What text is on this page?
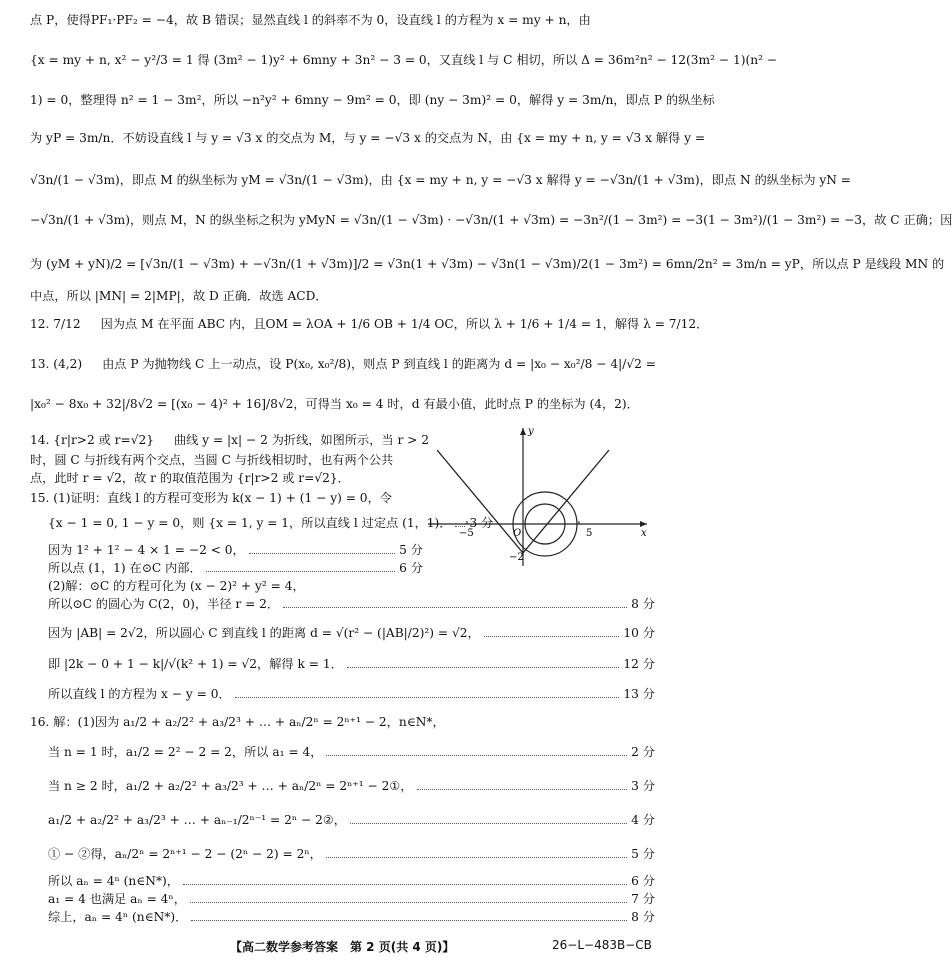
点 P，使得PF₁·PF₂ = −4，故 B 错误；显然直线 l 的斜率不为 0，设直线 l 的方程为 x = my + n，由
{x = my + n, x² − y²/3 = 1 得 (3m² − 1)y² + 6mny + 3n² − 3 = 0，又直线 l 与 C 相切，所以 Δ = 36m²n² − 12(3m² − 1)(n² −
1) = 0，整理得 n² = 1 − 3m²，所以 −n²y² + 6mny − 9m² = 0，即 (ny − 3m)² = 0，解得 y = 3m/n，即点 P 的纵坐标
为 yP = 3m/n．不妨设直线 l 与 y = √3 x 的交点为 M，与 y = −√3 x 的交点为 N，由 {x = my + n, y = √3 x 解得 y =
√3n/(1 − √3m)，即点 M 的纵坐标为 yM = √3n/(1 − √3m)，由 {x = my + n, y = −√3 x 解得 y = −√3n/(1 + √3m)，即点 N 的纵坐标为 yN =
−√3n/(1 + √3m)，则点 M，N 的纵坐标之积为 yMyN = √3n/(1 − √3m) · −√3n/(1 + √3m) = −3n²/(1 − 3m²) = −3(1 − 3m²)/(1 − 3m²) = −3，故 C 正确；因
为 (yM + yN)/2 = [√3n/(1 − √3m) + −√3n/(1 + √3m)]/2 = √3n(1 + √3m) − √3n(1 − √3m)/2(1 − 3m²) = 6mn/2n² = 3m/n = yP，所以点 P 是线段 MN 的
中点，所以 |MN| = 2|MP|，故 D 正确．故选 ACD．
12. 7/12 　 因为点 M 在平面 ABC 内，且OM = λOA + 1/6 OB + 1/4 OC，所以 λ + 1/6 + 1/4 = 1，解得 λ = 7/12．
13. (4,2) 　 由点 P 为抛物线 C 上一动点，设 P(x₀, x₀²/8)，则点 P 到直线 l 的距离为 d = |x₀ − x₀²/8 − 4|/√2 =
|x₀² − 8x₀ + 32|/8√2 = [(x₀ − 4)² + 16]/8√2，可得当 x₀ = 4 时，d 有最小值，此时点 P 的坐标为 (4，2)．
14. {r|r>2 或 r=√2} 　 曲线 y = |x| − 2 为折线，如图所示，当 r > 2
时，圆 C 与折线有两个交点，当圆 C 与折线相切时，也有两个公共
点，此时 r = √2，故 r 的取值范围为 {r|r>2 或 r=√2}．
−5	O	5	x
y
−2
15. (1)证明：直线 l 的方程可变形为 k(x − 1) + (1 − y) = 0，令
{x − 1 = 0, 1 − y = 0，则 {x = 1, y = 1，所以直线 l 过定点 (1，1)． 3 分
因为 1² + 1² − 4 × 1 = −2 < 0，	5 分
所以点 (1，1) 在⊙C 内部．	6 分
(2)解：⊙C 的方程可化为 (x − 2)² + y² = 4，
所以⊙C 的圆心为 C(2，0)，半径 r = 2．	8 分
因为 |AB| = 2√2，所以圆心 C 到直线 l 的距离 d = √(r² − (|AB|/2)²) = √2，	10 分
即 |2k − 0 + 1 − k|/√(k² + 1) = √2，解得 k = 1．	12 分
所以直线 l 的方程为 x − y = 0．	13 分
16. 解：(1)因为 a₁/2 + a₂/2² + a₃/2³ + … + aₙ/2ⁿ = 2ⁿ⁺¹ − 2，n∈N*，
当 n = 1 时，a₁/2 = 2² − 2 = 2，所以 a₁ = 4，	2 分
当 n ≥ 2 时，a₁/2 + a₂/2² + a₃/2³ + … + aₙ/2ⁿ = 2ⁿ⁺¹ − 2①，	3 分
a₁/2 + a₂/2² + a₃/2³ + … + aₙ₋₁/2ⁿ⁻¹ = 2ⁿ − 2②，	4 分
① − ②得，aₙ/2ⁿ = 2ⁿ⁺¹ − 2 − (2ⁿ − 2) = 2ⁿ，	5 分
所以 aₙ = 4ⁿ (n∈N*)，	6 分
a₁ = 4 也满足 aₙ = 4ⁿ，	7 分
综上，aₙ = 4ⁿ (n∈N*)．	8 分
【高二数学参考答案　第 2 页(共 4 页)】	26−L−483B−CB
